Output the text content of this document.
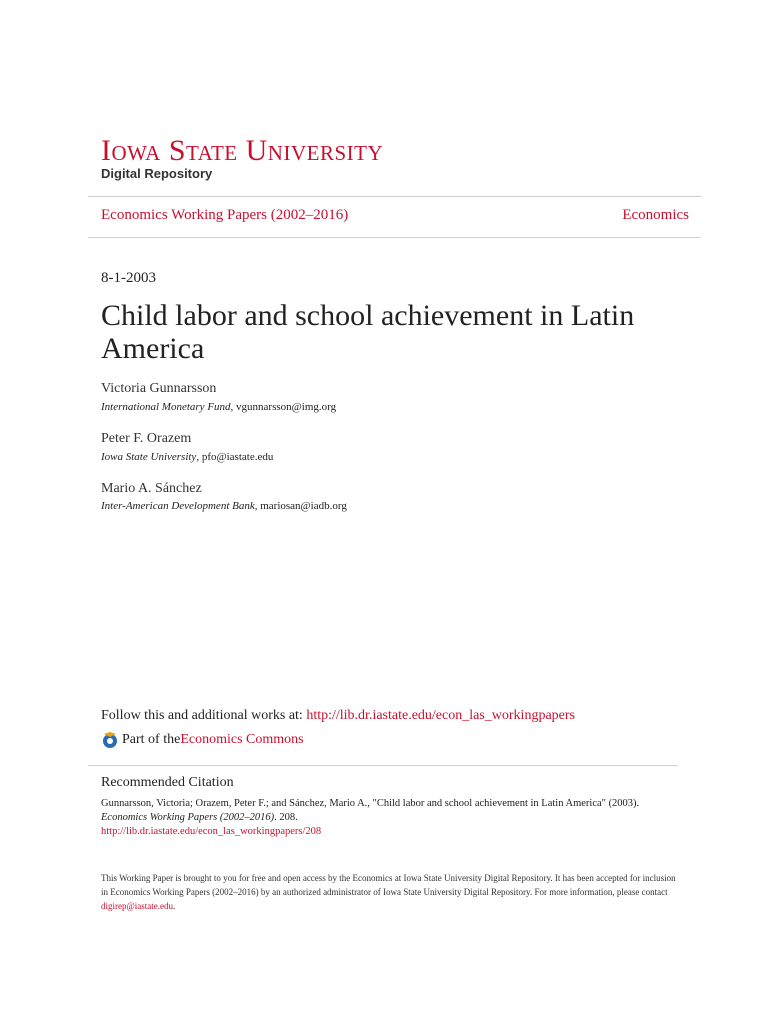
Iowa State University
Digital Repository
Economics Working Papers (2002–2016)	Economics
8-1-2003
Child labor and school achievement in Latin America
Victoria Gunnarsson
International Monetary Fund, vgunnarsson@img.org
Peter F. Orazem
Iowa State University, pfo@iastate.edu
Mario A. Sánchez
Inter-American Development Bank, mariosan@iadb.org
Follow this and additional works at: http://lib.dr.iastate.edu/econ_las_workingpapers
Part of the Economics Commons
Recommended Citation
Gunnarsson, Victoria; Orazem, Peter F.; and Sánchez, Mario A., "Child labor and school achievement in Latin America" (2003).
Economics Working Papers (2002–2016). 208.
http://lib.dr.iastate.edu/econ_las_workingpapers/208
This Working Paper is brought to you for free and open access by the Economics at Iowa State University Digital Repository. It has been accepted for inclusion in Economics Working Papers (2002–2016) by an authorized administrator of Iowa State University Digital Repository. For more information, please contact digirep@iastate.edu.
